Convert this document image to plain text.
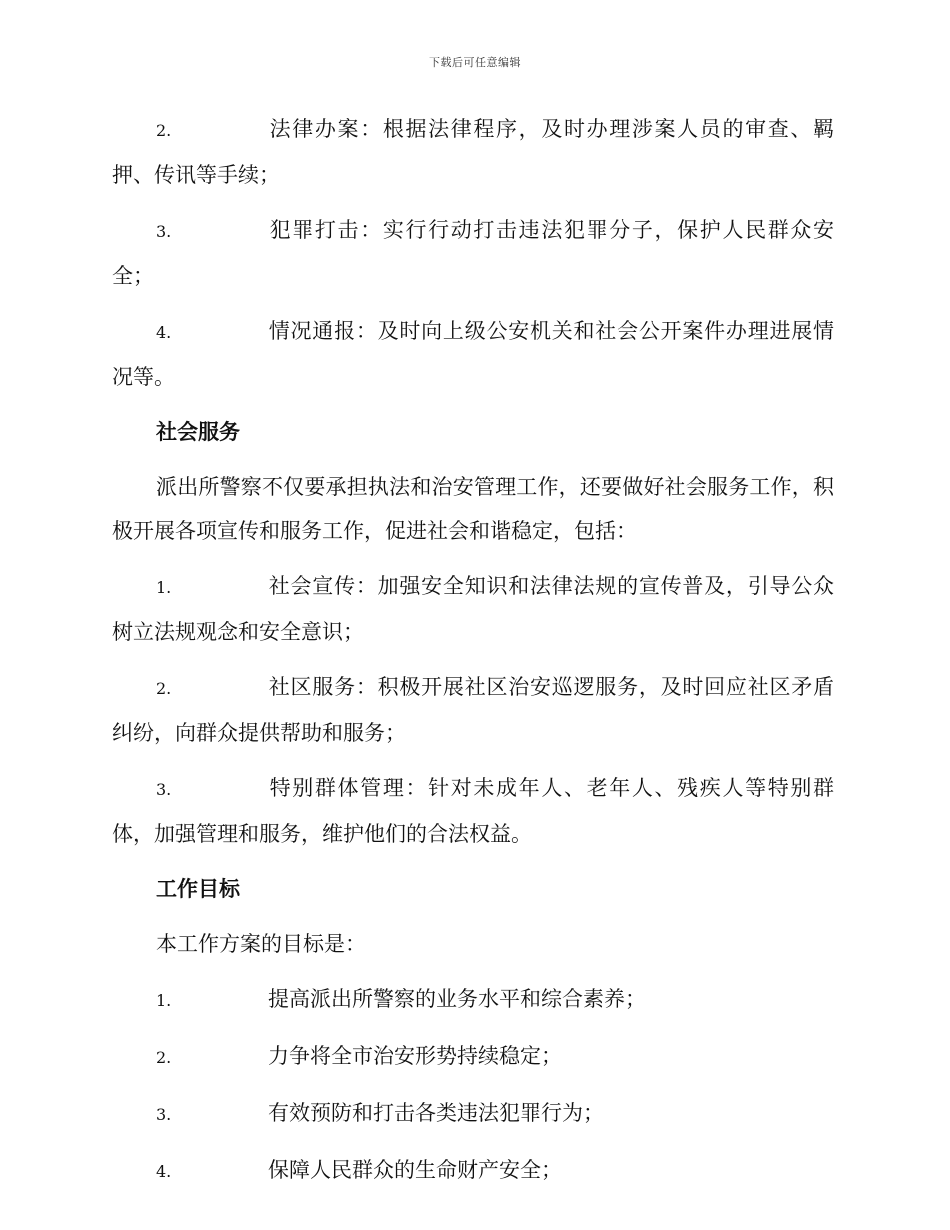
下载后可任意编辑
2.	法律办案：根据法律程序，及时办理涉案人员的审查、羁押、传讯等手续；
3.	犯罪打击：实行行动打击违法犯罪分子，保护人民群众安全；
4.	情况通报：及时向上级公安机关和社会公开案件办理进展情况等。
社会服务
派出所警察不仅要承担执法和治安管理工作，还要做好社会服务工作，积极开展各项宣传和服务工作，促进社会和谐稳定，包括：
1.	社会宣传：加强安全知识和法律法规的宣传普及，引导公众树立法规观念和安全意识；
2.	社区服务：积极开展社区治安巡逻服务，及时回应社区矛盾纠纷，向群众提供帮助和服务；
3.	特别群体管理：针对未成年人、老年人、残疾人等特别群体，加强管理和服务，维护他们的合法权益。
工作目标
本工作方案的目标是：
1.	提高派出所警察的业务水平和综合素养；
2.	力争将全市治安形势持续稳定；
3.	有效预防和打击各类违法犯罪行为；
4.	保障人民群众的生命财产安全；
